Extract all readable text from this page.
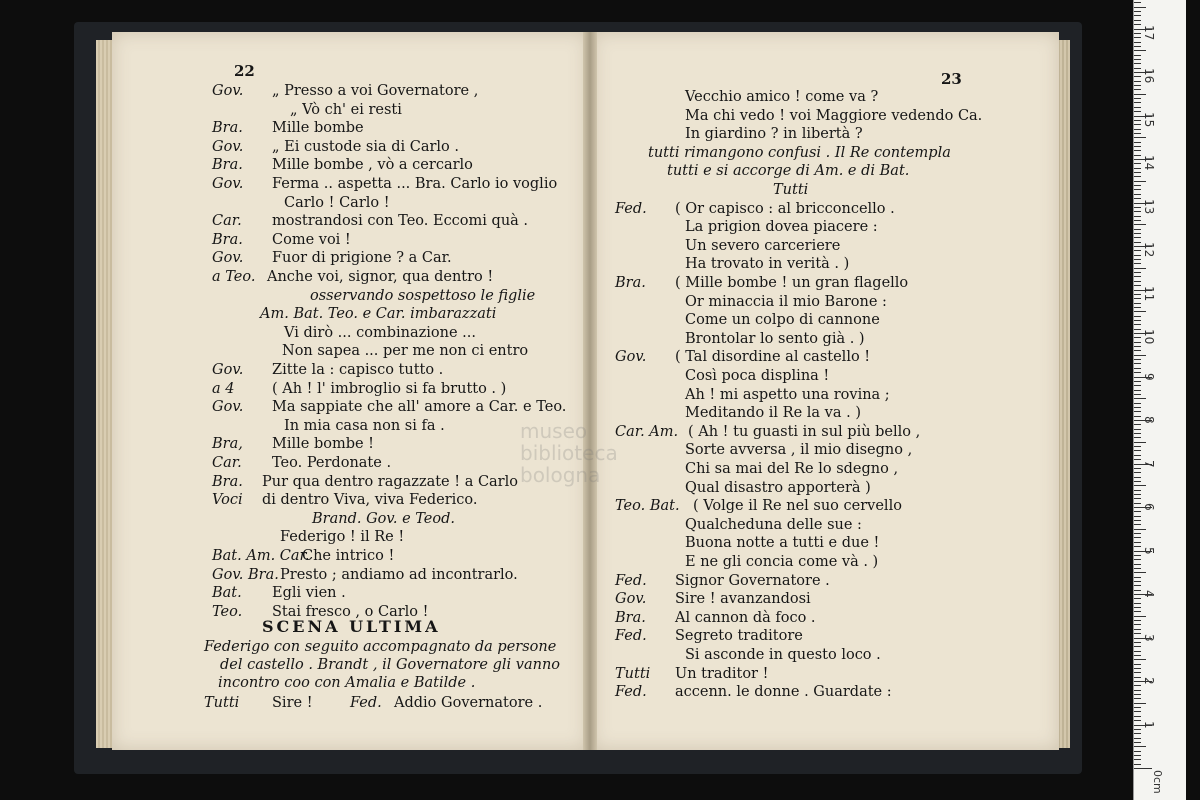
22
Gov. „ Presso a voi Governatore ,
„ Vò ch' ei resti
Bra. Mille bombe
Gov. „ Ei custode sia di Carlo .
Bra. Mille bombe , vò a cercarlo
Gov. Ferma .. aspetta ... Bra. Carlo io voglio
Carlo ! Carlo !
Car. mostrandosi con Teo. Eccomi quà .
Bra. Come voi !
Gov. Fuor di prigione ? a Car.
a Teo. Anche voi, signor, qua dentro !
osservando sospettoso le figlie
Am. Bat. Teo. e Car. imbarazzati
Vi dirò ... combinazione ...
Non sapea ... per me non ci entro
Gov. Zitte la : capisco tutto .
a 4	( Ah ! l' imbroglio si fa brutto . )
Gov. Ma sappiate che all' amore a Car. e Teo.
In mia casa non si fa .
Bra, Mille bombe !
Car. Teo. Perdonate .
Bra. Pur qua dentro ragazzate ! a Carlo
Voci di dentro Viva, viva Federico.
Brand. Gov. e Teod.
Federigo ! il Re !
Bat. Am. Car.
Che intrico !
Gov. Bra. Presto ; andiamo ad incontrarlo.
Bat. Egli vien .
Teo. Stai fresco , o Carlo !
SCENA ULTIMA
Federigo con seguito accompagnato da persone
del castello . Brandt , il Governatore gli vanno
incontro coo con Amalia e Batilde .
Tutti Sire !	Fed. Addio Governatore .
23
Vecchio amico ! come va ?
Ma chi vedo ! voi Maggiore vedendo Ca.
In giardino ? in libertà ?
tutti rimangono confusi . Il Re contempla
tutti e si accorge di Am. e di Bat.
Tutti
Fed. ( Or capisco : al bricconcello .
La prigion dovea piacere :
Un severo carceriere
Ha trovato in verità . )
Bra. ( Mille bombe ! un gran flagello
Or minaccia il mio Barone :
Come un colpo di cannone
Brontolar lo sento già . )
Gov. ( Tal disordine al castello !
Così poca displina !
Ah ! mi aspetto una rovina ;
Meditando il Re la va . )
Car. Am. ( Ah ! tu guasti in sul più bello ,
Sorte avversa , il mio disegno ,
Chi sa mai del Re lo sdegno ,
Qual disastro apporterà )
Teo. Bat. ( Volge il Re nel suo cervello
Qualcheduna delle sue :
Buona notte a tutti e due !
E ne gli concia come và . )
Fed. Signor Governatore .
Gov. Sire ! avanzandosi
Bra. Al cannon dà foco .
Fed. Segreto traditore
Si asconde in questo loco .
Tutti Un traditor !
Fed. accenn. le donne . Guardate :
museo
biblioteca
bologna
0cm
17
16
15
14
13
12
11
10
9
8
7
6
5
4
3
2
1
